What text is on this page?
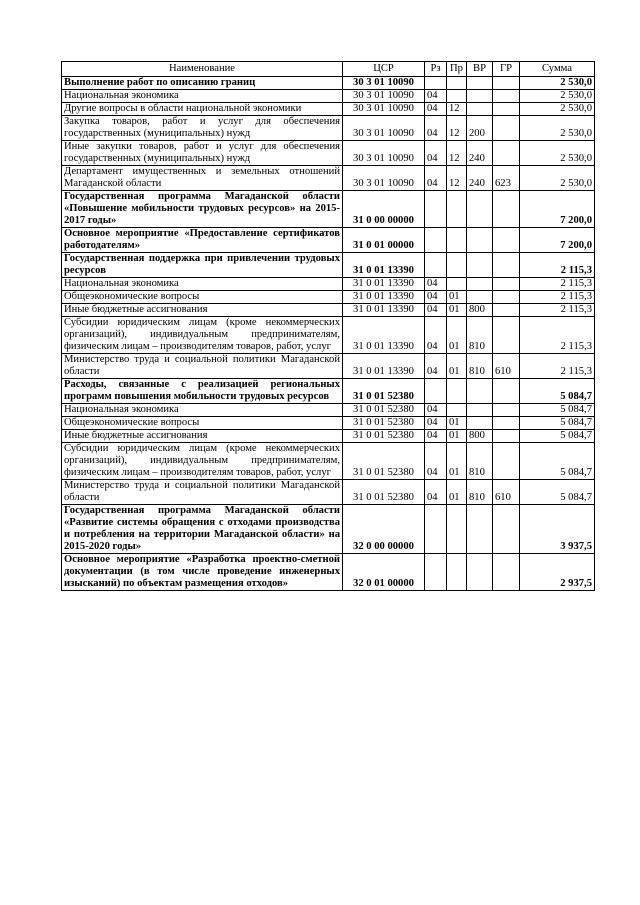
Наименование	ЦСР	Рз	Пр	ВР	ГР	Сумма
Выполнение работ по описанию границ	30 3 01 10090					2 530,0
Национальная экономика	30 3 01 10090	04				2 530,0
Другие вопросы в области национальной экономики	30 3 01 10090	04	12			2 530,0
Закупка товаров, работ и услуг для обеспечения государственных (муниципальных) нужд	30 3 01 10090	04	12	200		2 530,0
Иные закупки товаров, работ и услуг для обеспечения государственных (муниципальных) нужд	30 3 01 10090	04	12	240		2 530,0
Департамент имущественных и земельных отношений Магаданской области	30 3 01 10090	04	12	240	623	2 530,0
Государственная программа Магаданской области «Повышение мобильности трудовых ресурсов» на 2015-2017 годы»	31 0 00 00000					7 200,0
Основное мероприятие «Предоставление сертификатов работодателям»	31 0 01 00000					7 200,0
Государственная поддержка при привлечении трудовых ресурсов	31 0 01 13390					2 115,3
Национальная экономика	31 0 01 13390	04				2 115,3
Общеэкономические вопросы	31 0 01 13390	04	01			2 115,3
Иные бюджетные ассигнования	31 0 01 13390	04	01	800		2 115,3
Субсидии юридическим лицам (кроме некоммерческих организаций), индивидуальным предпринимателям, физическим лицам – производителям товаров, работ, услуг	31 0 01 13390	04	01	810		2 115,3
Министерство труда и социальной политики Магаданской области	31 0 01 13390	04	01	810	610	2 115,3
Расходы, связанные с реализацией региональных программ повышения мобильности трудовых ресурсов	31 0 01 52380					5 084,7
Национальная экономика	31 0 01 52380	04				5 084,7
Общеэкономические вопросы	31 0 01 52380	04	01			5 084,7
Иные бюджетные ассигнования	31 0 01 52380	04	01	800		5 084,7
Субсидии юридическим лицам (кроме некоммерческих организаций), индивидуальным предпринимателям, физическим лицам – производителям товаров, работ, услуг	31 0 01 52380	04	01	810		5 084,7
Министерство труда и социальной политики Магаданской области	31 0 01 52380	04	01	810	610	5 084,7
Государственная программа Магаданской области «Развитие системы обращения с отходами производства и потребления на территории Магаданской области» на 2015-2020 годы»	32 0 00 00000					3 937,5
Основное мероприятие «Разработка проектно-сметной документации (в том числе проведение инженерных изысканий) по объектам размещения отходов»	32 0 01 00000					2 937,5
